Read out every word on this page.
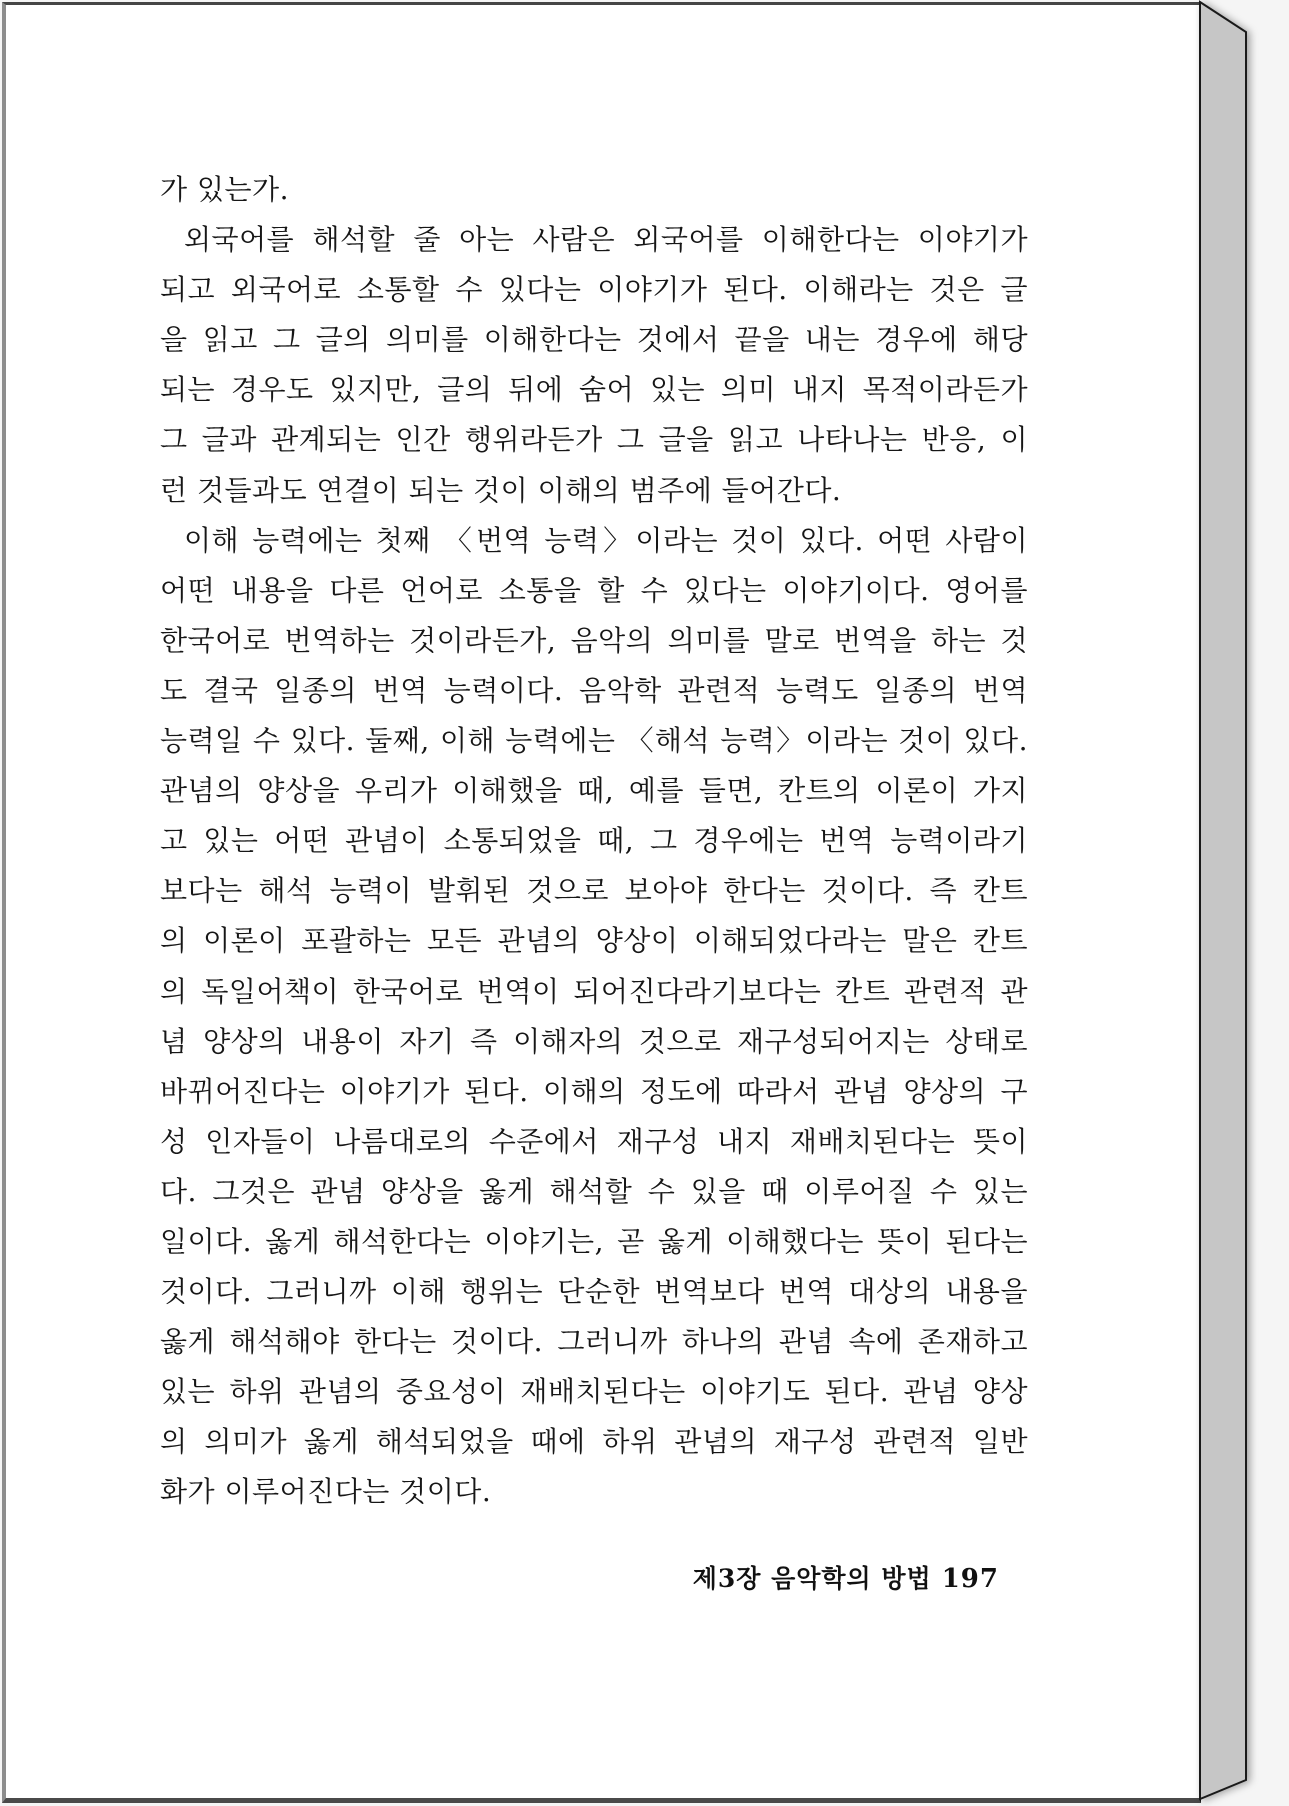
가 있는가.
외국어를 해석할 줄 아는 사람은 외국어를 이해한다는 이야기가
되고 외국어로 소통할 수 있다는 이야기가 된다. 이해라는 것은 글
을 읽고 그 글의 의미를 이해한다는 것에서 끝을 내는 경우에 해당
되는 경우도 있지만, 글의 뒤에 숨어 있는 의미 내지 목적이라든가
그 글과 관계되는 인간 행위라든가 그 글을 읽고 나타나는 반응, 이
런 것들과도 연결이 되는 것이 이해의 범주에 들어간다.
이해 능력에는 첫째 〈번역 능력〉이라는 것이 있다. 어떤 사람이
어떤 내용을 다른 언어로 소통을 할 수 있다는 이야기이다. 영어를
한국어로 번역하는 것이라든가, 음악의 의미를 말로 번역을 하는 것
도 결국 일종의 번역 능력이다. 음악학 관련적 능력도 일종의 번역
능력일 수 있다. 둘째, 이해 능력에는 〈해석 능력〉이라는 것이 있다.
관념의 양상을 우리가 이해했을 때, 예를 들면, 칸트의 이론이 가지
고 있는 어떤 관념이 소통되었을 때, 그 경우에는 번역 능력이라기
보다는 해석 능력이 발휘된 것으로 보아야 한다는 것이다. 즉 칸트
의 이론이 포괄하는 모든 관념의 양상이 이해되었다라는 말은 칸트
의 독일어책이 한국어로 번역이 되어진다라기보다는 칸트 관련적 관
념 양상의 내용이 자기 즉 이해자의 것으로 재구성되어지는 상태로
바뀌어진다는 이야기가 된다. 이해의 정도에 따라서 관념 양상의 구
성 인자들이 나름대로의 수준에서 재구성 내지 재배치된다는 뜻이
다. 그것은 관념 양상을 옳게 해석할 수 있을 때 이루어질 수 있는
일이다. 옳게 해석한다는 이야기는, 곧 옳게 이해했다는 뜻이 된다는
것이다. 그러니까 이해 행위는 단순한 번역보다 번역 대상의 내용을
옳게 해석해야 한다는 것이다. 그러니까 하나의 관념 속에 존재하고
있는 하위 관념의 중요성이 재배치된다는 이야기도 된다. 관념 양상
의 의미가 옳게 해석되었을 때에 하위 관념의 재구성 관련적 일반
화가 이루어진다는 것이다.
제3장 음악학의 방법 197
